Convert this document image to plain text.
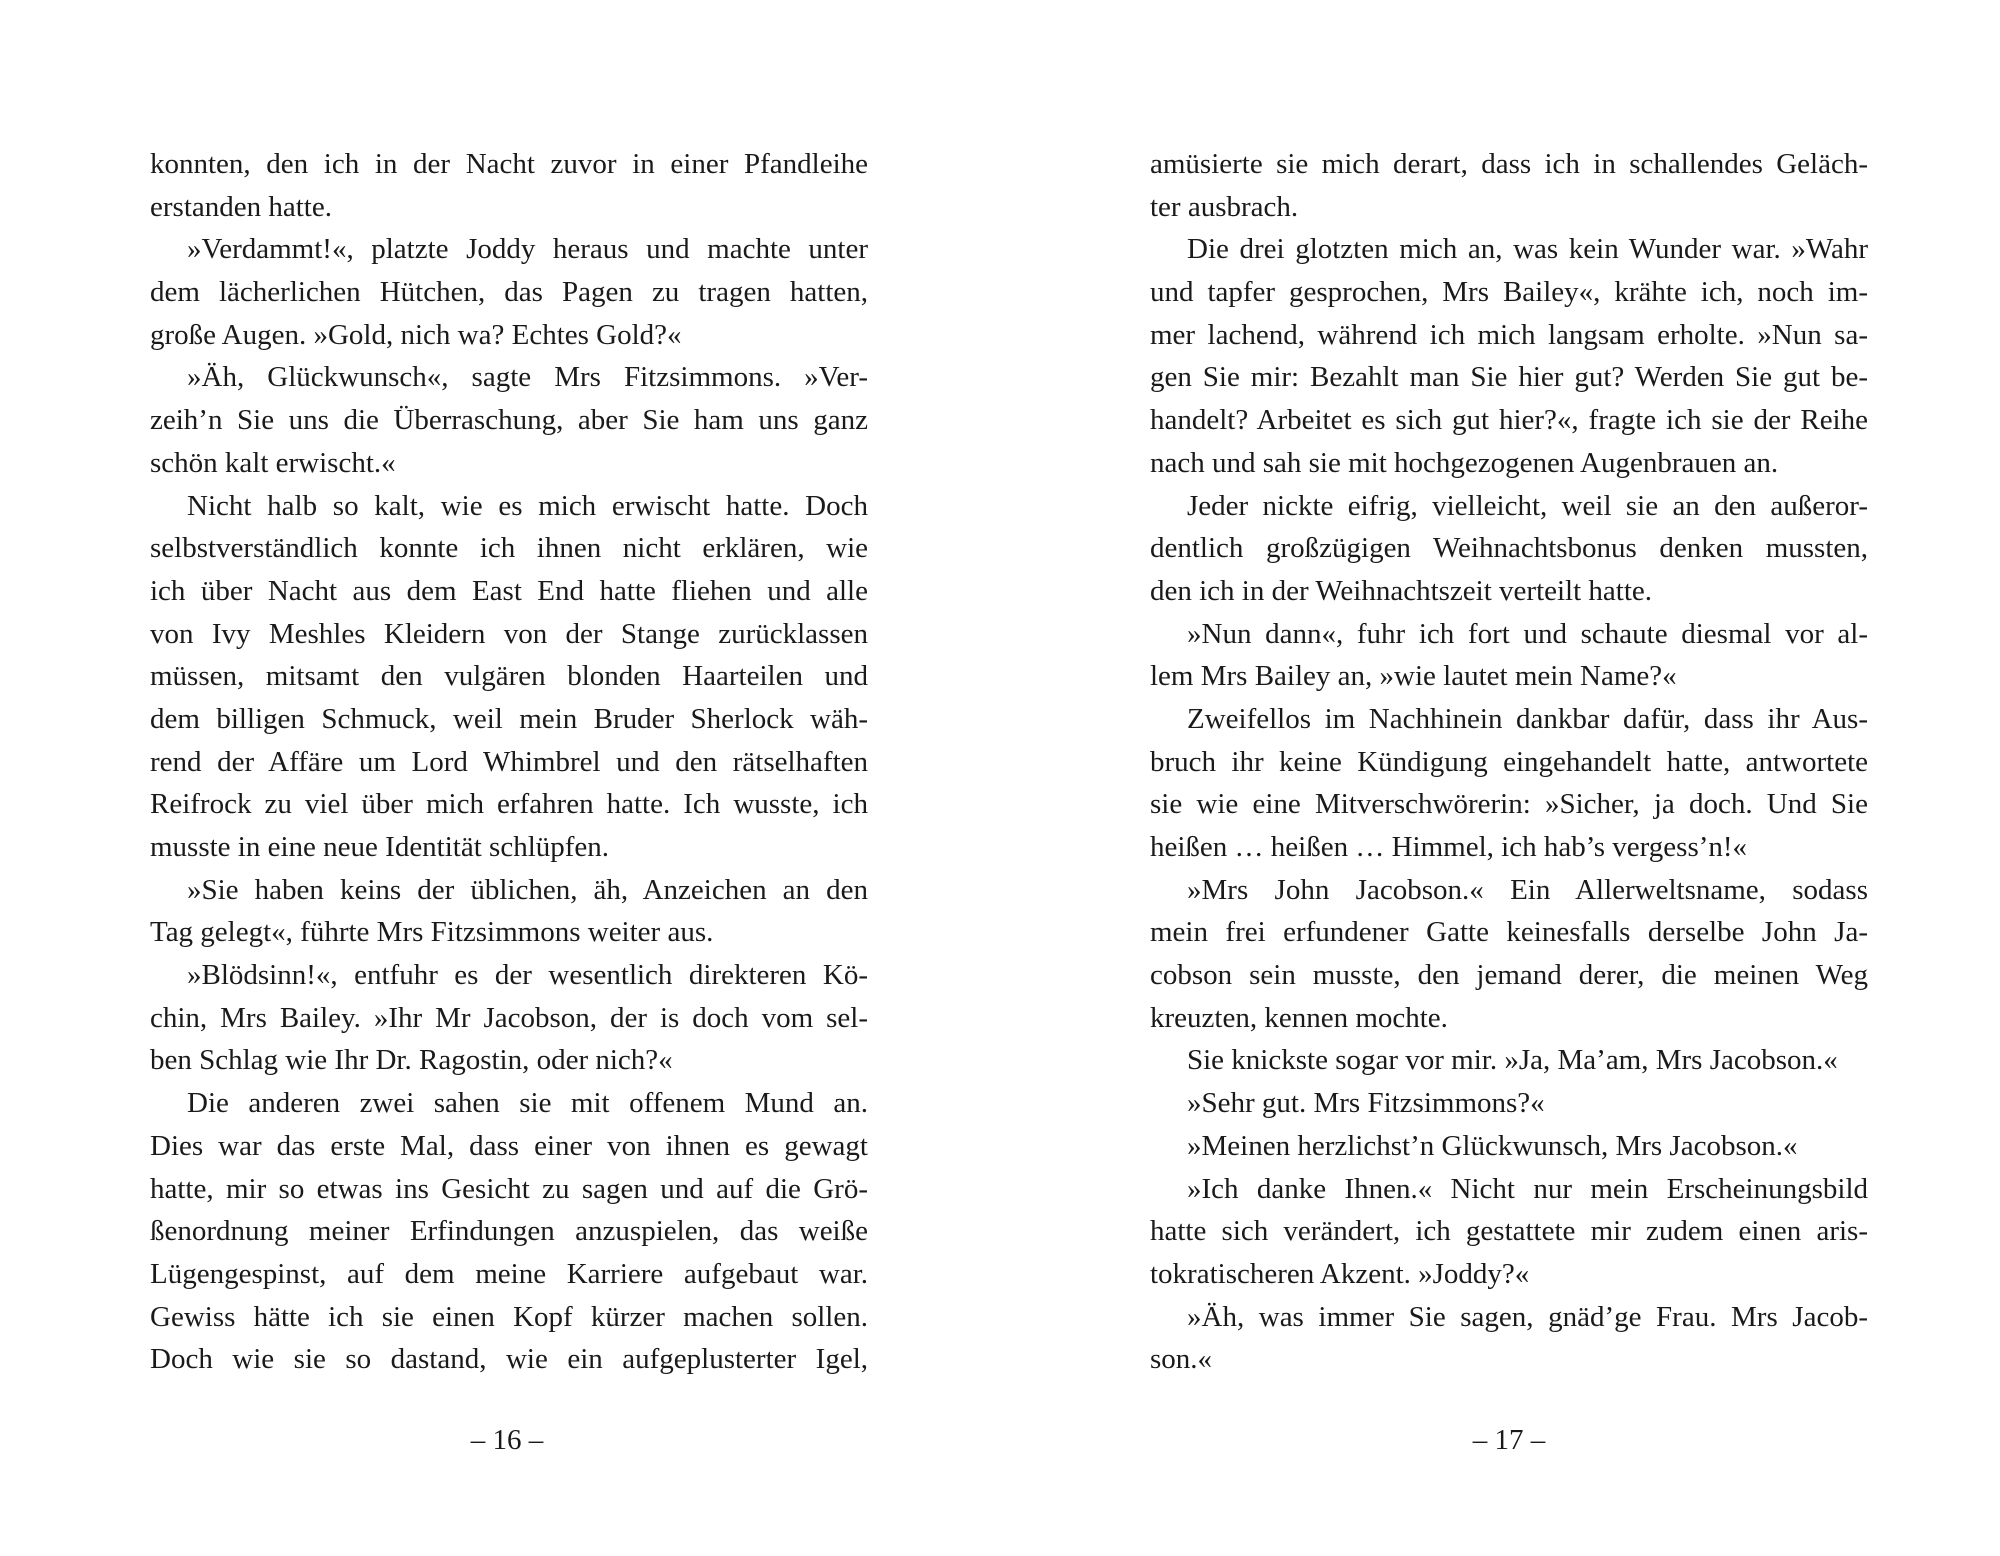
konnten, den ich in der Nacht zuvor in einer Pfandleihe
erstanden hatte.
»Verdammt!«, platzte Joddy heraus und machte unter
dem lächerlichen Hütchen, das Pagen zu tragen hatten,
große Augen. »Gold, nich wa? Echtes Gold?«
»Äh, Glückwunsch«, sagte Mrs Fitzsimmons. »Ver-
zeih’n Sie uns die Überraschung, aber Sie ham uns ganz
schön kalt erwischt.«
Nicht halb so kalt, wie es mich erwischt hatte. Doch
selbstverständlich konnte ich ihnen nicht erklären, wie
ich über Nacht aus dem East End hatte fliehen und alle
von Ivy Meshles Kleidern von der Stange zurücklassen
müssen, mitsamt den vulgären blonden Haarteilen und
dem billigen Schmuck, weil mein Bruder Sherlock wäh-
rend der Affäre um Lord Whimbrel und den rätselhaften
Reifrock zu viel über mich erfahren hatte. Ich wusste, ich
musste in eine neue Identität schlüpfen.
»Sie haben keins der üblichen, äh, Anzeichen an den
Tag gelegt«, führte Mrs Fitzsimmons weiter aus.
»Blödsinn!«, entfuhr es der wesentlich direkteren Kö-
chin, Mrs Bailey. »Ihr Mr Jacobson, der is doch vom sel-
ben Schlag wie Ihr Dr. Ragostin, oder nich?«
Die anderen zwei sahen sie mit offenem Mund an.
Dies war das erste Mal, dass einer von ihnen es gewagt
hatte, mir so etwas ins Gesicht zu sagen und auf die Grö-
ßenordnung meiner Erfindungen anzuspielen, das weiße
Lügengespinst, auf dem meine Karriere aufgebaut war.
Gewiss hätte ich sie einen Kopf kürzer machen sollen.
Doch wie sie so dastand, wie ein aufgeplusterter Igel,
– 16 –
amüsierte sie mich derart, dass ich in schallendes Geläch-
ter ausbrach.
Die drei glotzten mich an, was kein Wunder war. »Wahr
und tapfer gesprochen, Mrs Bailey«, krähte ich, noch im-
mer lachend, während ich mich langsam erholte. »Nun sa-
gen Sie mir: Bezahlt man Sie hier gut? Werden Sie gut be-
handelt? Arbeitet es sich gut hier?«, fragte ich sie der Reihe
nach und sah sie mit hochgezogenen Augenbrauen an.
Jeder nickte eifrig, vielleicht, weil sie an den außeror-
dentlich großzügigen Weihnachtsbonus denken mussten,
den ich in der Weihnachtszeit verteilt hatte.
»Nun dann«, fuhr ich fort und schaute diesmal vor al-
lem Mrs Bailey an, »wie lautet mein Name?«
Zweifellos im Nachhinein dankbar dafür, dass ihr Aus-
bruch ihr keine Kündigung eingehandelt hatte, antwortete
sie wie eine Mitverschwörerin: »Sicher, ja doch. Und Sie
heißen … heißen … Himmel, ich hab’s vergess’n!«
»Mrs John Jacobson.« Ein Allerweltsname, sodass
mein frei erfundener Gatte keinesfalls derselbe John Ja-
cobson sein musste, den jemand derer, die meinen Weg
kreuzten, kennen mochte.
Sie knickste sogar vor mir. »Ja, Ma’am, Mrs Jacobson.«
»Sehr gut. Mrs Fitzsimmons?«
»Meinen herzlichst’n Glückwunsch, Mrs Jacobson.«
»Ich danke Ihnen.« Nicht nur mein Erscheinungsbild
hatte sich verändert, ich gestattete mir zudem einen aris-
tokratischeren Akzent. »Joddy?«
»Äh, was immer Sie sagen, gnäd’ge Frau. Mrs Jacob-
son.«
– 17 –
